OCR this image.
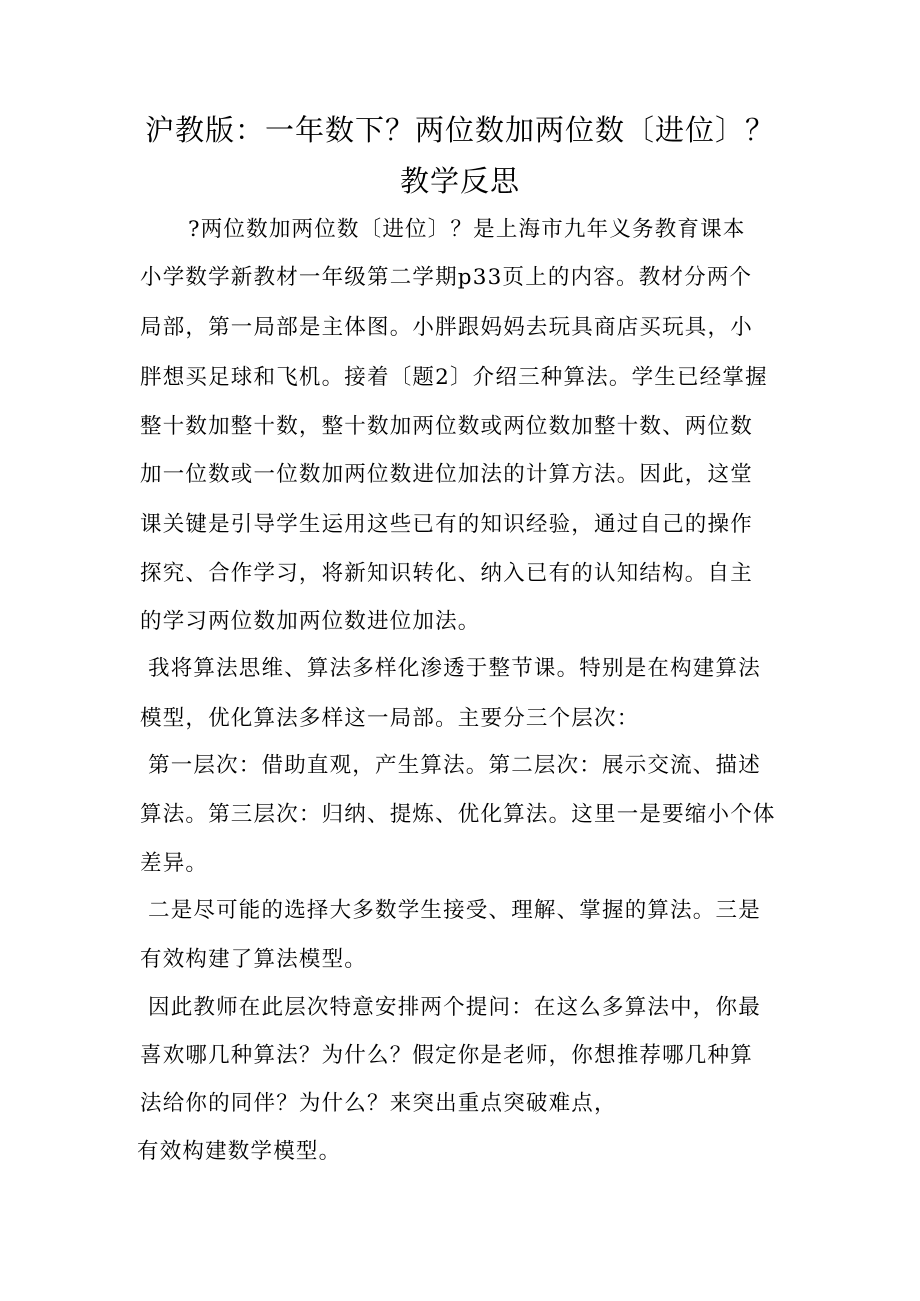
沪教版：一年数下？两位数加两位数〔进位〕？
教学反思
?两位数加两位数〔进位〕？是上海市九年义务教育课本
小学数学新教材一年级第二学期p33页上的内容。教材分两个
局部，第一局部是主体图。小胖跟妈妈去玩具商店买玩具，小
胖想买足球和飞机。接着〔题2〕介绍三种算法。学生已经掌握
整十数加整十数，整十数加两位数或两位数加整十数、两位数
加一位数或一位数加两位数进位加法的计算方法。因此，这堂
课关键是引导学生运用这些已有的知识经验，通过自己的操作
探究、合作学习，将新知识转化、纳入已有的认知结构。自主
的学习两位数加两位数进位加法。
我将算法思维、算法多样化渗透于整节课。特别是在构建算法
模型，优化算法多样这一局部。主要分三个层次：
第一层次：借助直观，产生算法。第二层次：展示交流、描述
算法。第三层次：归纳、提炼、优化算法。这里一是要缩小个体
差异。
二是尽可能的选择大多数学生接受、理解、掌握的算法。三是
有效构建了算法模型。
因此教师在此层次特意安排两个提问：在这么多算法中，你最
喜欢哪几种算法？为什么？假定你是老师，你想推荐哪几种算
法给你的同伴？为什么？来突出重点突破难点，
有效构建数学模型。
